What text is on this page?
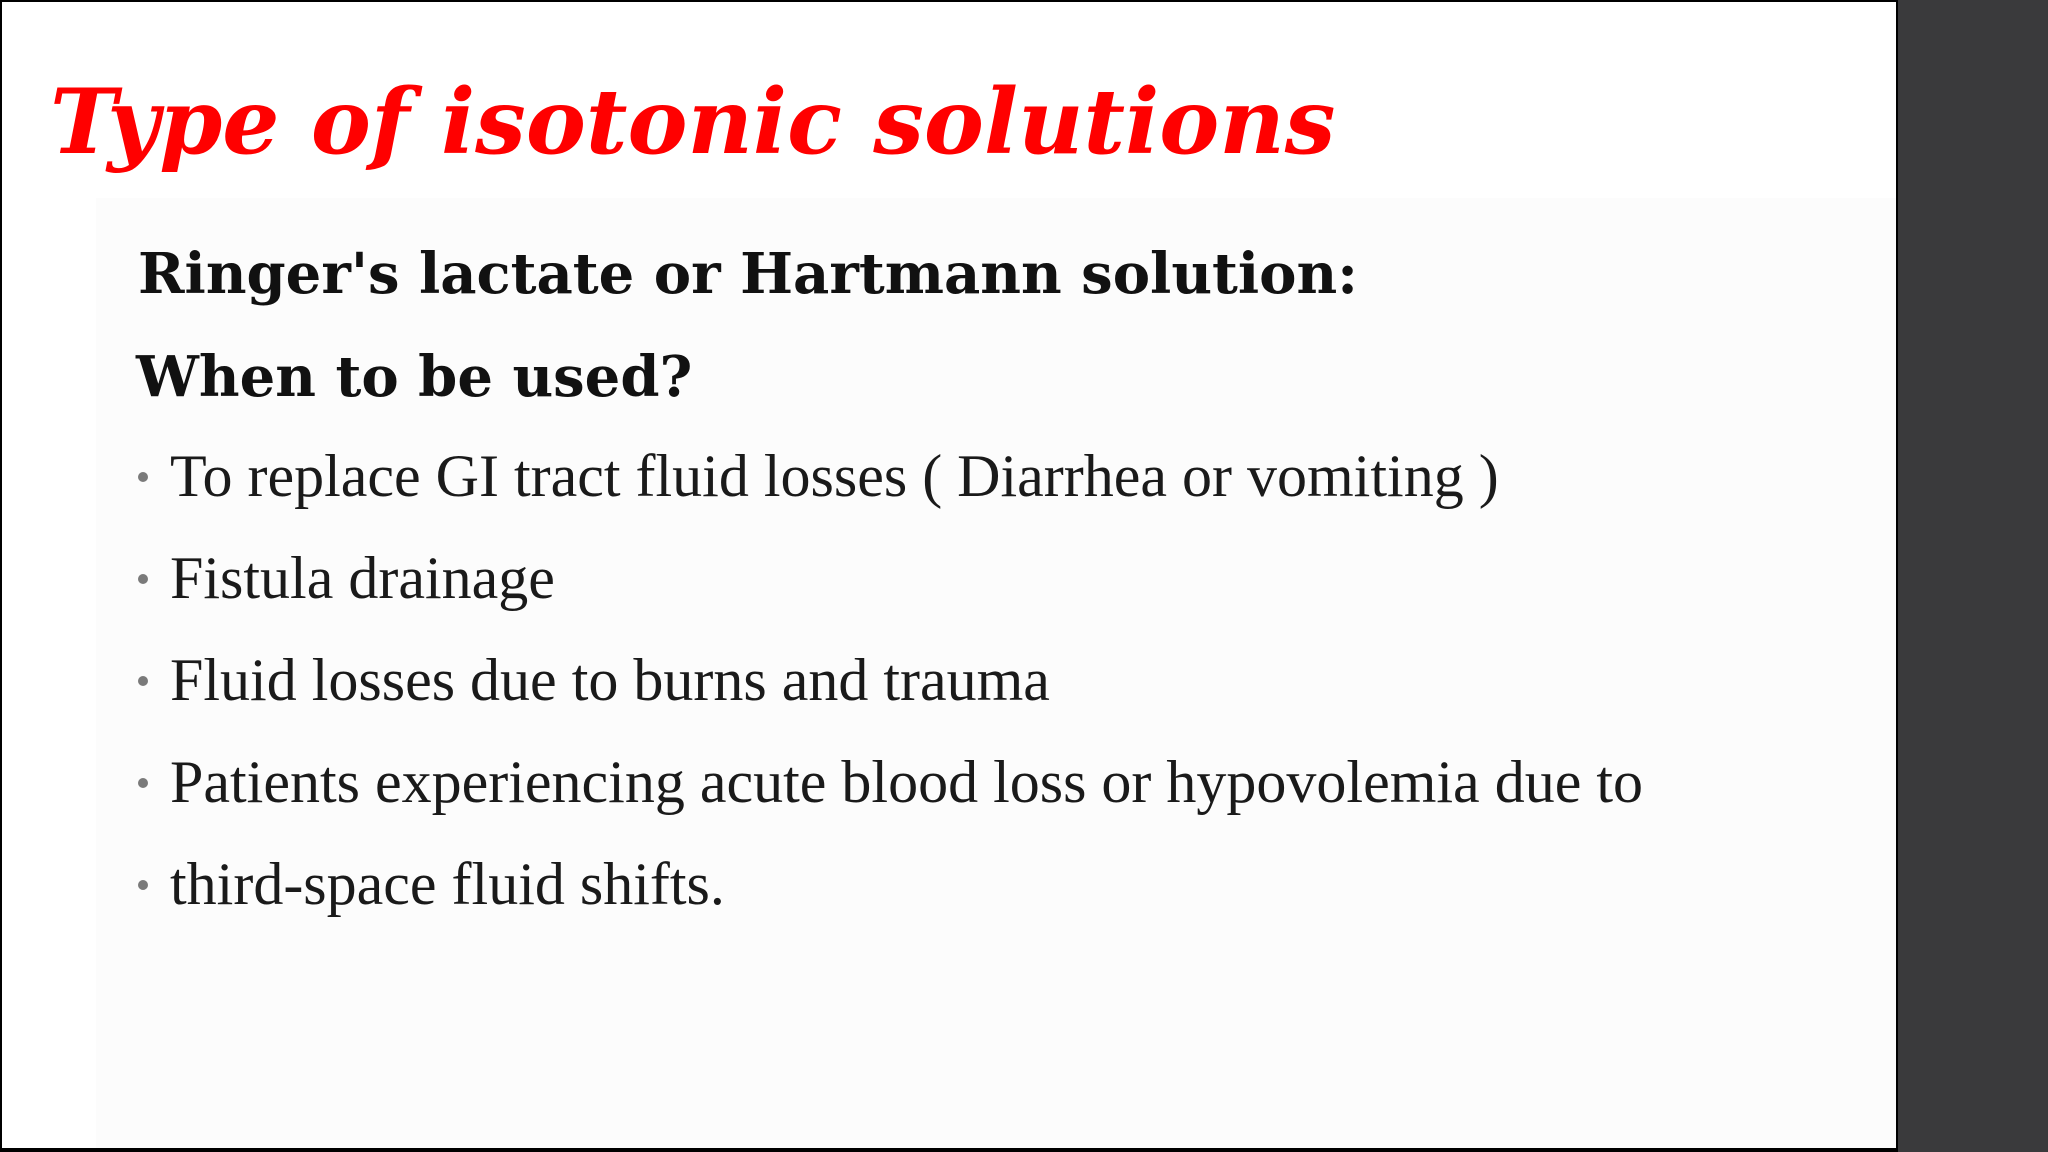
Type of isotonic solutions

Ringer's lactate or Hartmann solution:

When to be used?

To replace GI tract fluid losses ( Diarrhea or vomiting )
Fistula drainage
Fluid losses due to burns and trauma
Patients experiencing acute blood loss or hypovolemia due to
third-space fluid shifts.
